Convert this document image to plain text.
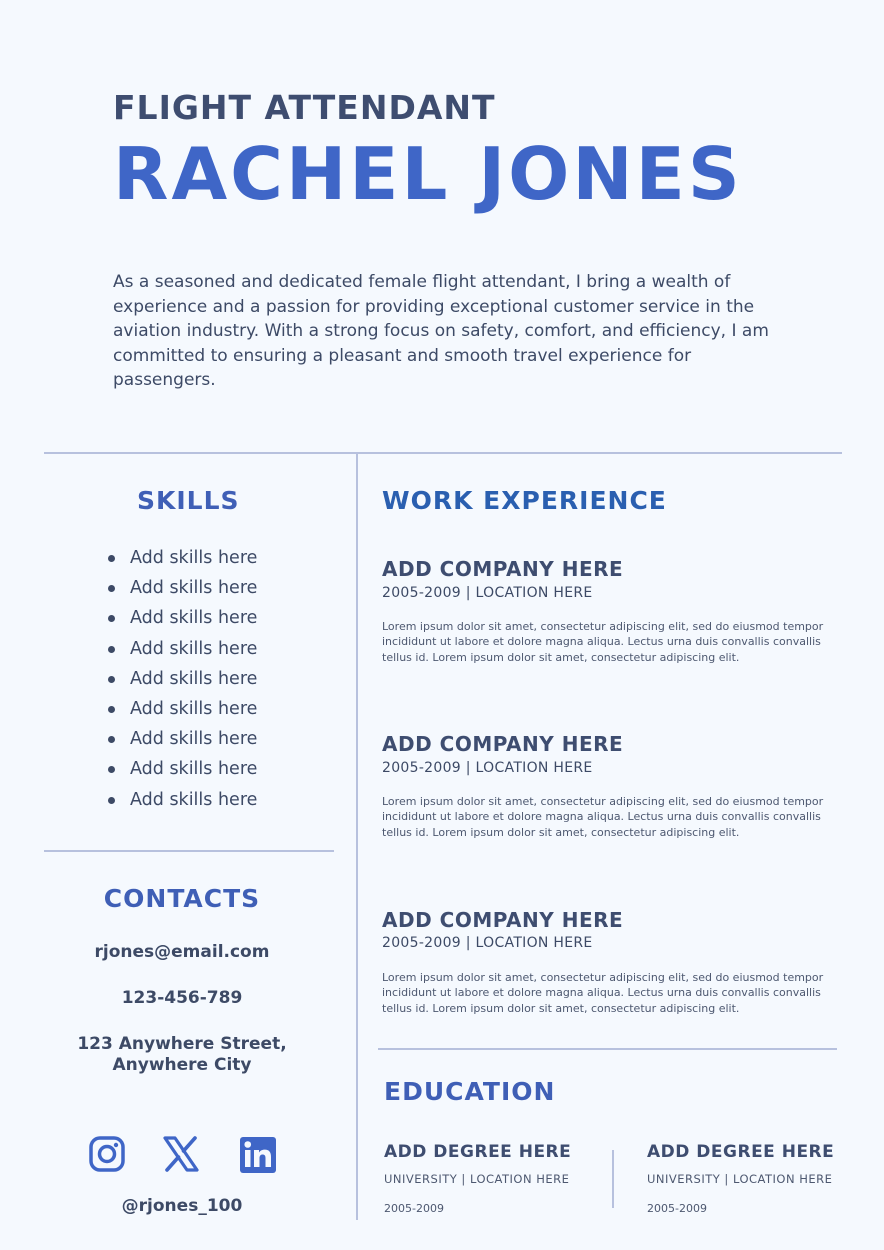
FLIGHT ATTENDANT
RACHEL JONES

As a seasoned and dedicated female flight attendant, I bring a wealth of experience and a passion for providing exceptional customer service in the aviation industry. With a strong focus on safety, comfort, and efficiency, I am committed to ensuring a pleasant and smooth travel experience for passengers.

SKILLS
Add skills here
Add skills here
Add skills here
Add skills here
Add skills here
Add skills here
Add skills here
Add skills here
Add skills here
CONTACTS

rjones@email.com

123-456-789

123 Anywhere Street,

Anywhere City

@rjones_100

WORK EXPERIENCE
ADD COMPANY HERE

2005-2009 | LOCATION HERE

Lorem ipsum dolor sit amet, consectetur adipiscing elit, sed do eiusmod tempor incididunt ut labore et dolore magna aliqua. Lectus urna duis convallis convallis tellus id. Lorem ipsum dolor sit amet, consectetur adipiscing elit.

ADD COMPANY HERE

2005-2009 | LOCATION HERE

Lorem ipsum dolor sit amet, consectetur adipiscing elit, sed do eiusmod tempor incididunt ut labore et dolore magna aliqua. Lectus urna duis convallis convallis tellus id. Lorem ipsum dolor sit amet, consectetur adipiscing elit.

ADD COMPANY HERE

2005-2009 | LOCATION HERE

Lorem ipsum dolor sit amet, consectetur adipiscing elit, sed do eiusmod tempor incididunt ut labore et dolore magna aliqua. Lectus urna duis convallis convallis tellus id. Lorem ipsum dolor sit amet, consectetur adipiscing elit.

EDUCATION
ADD DEGREE HERE

UNIVERSITY | LOCATION HERE

2005-2009

ADD DEGREE HERE

UNIVERSITY | LOCATION HERE

2005-2009
